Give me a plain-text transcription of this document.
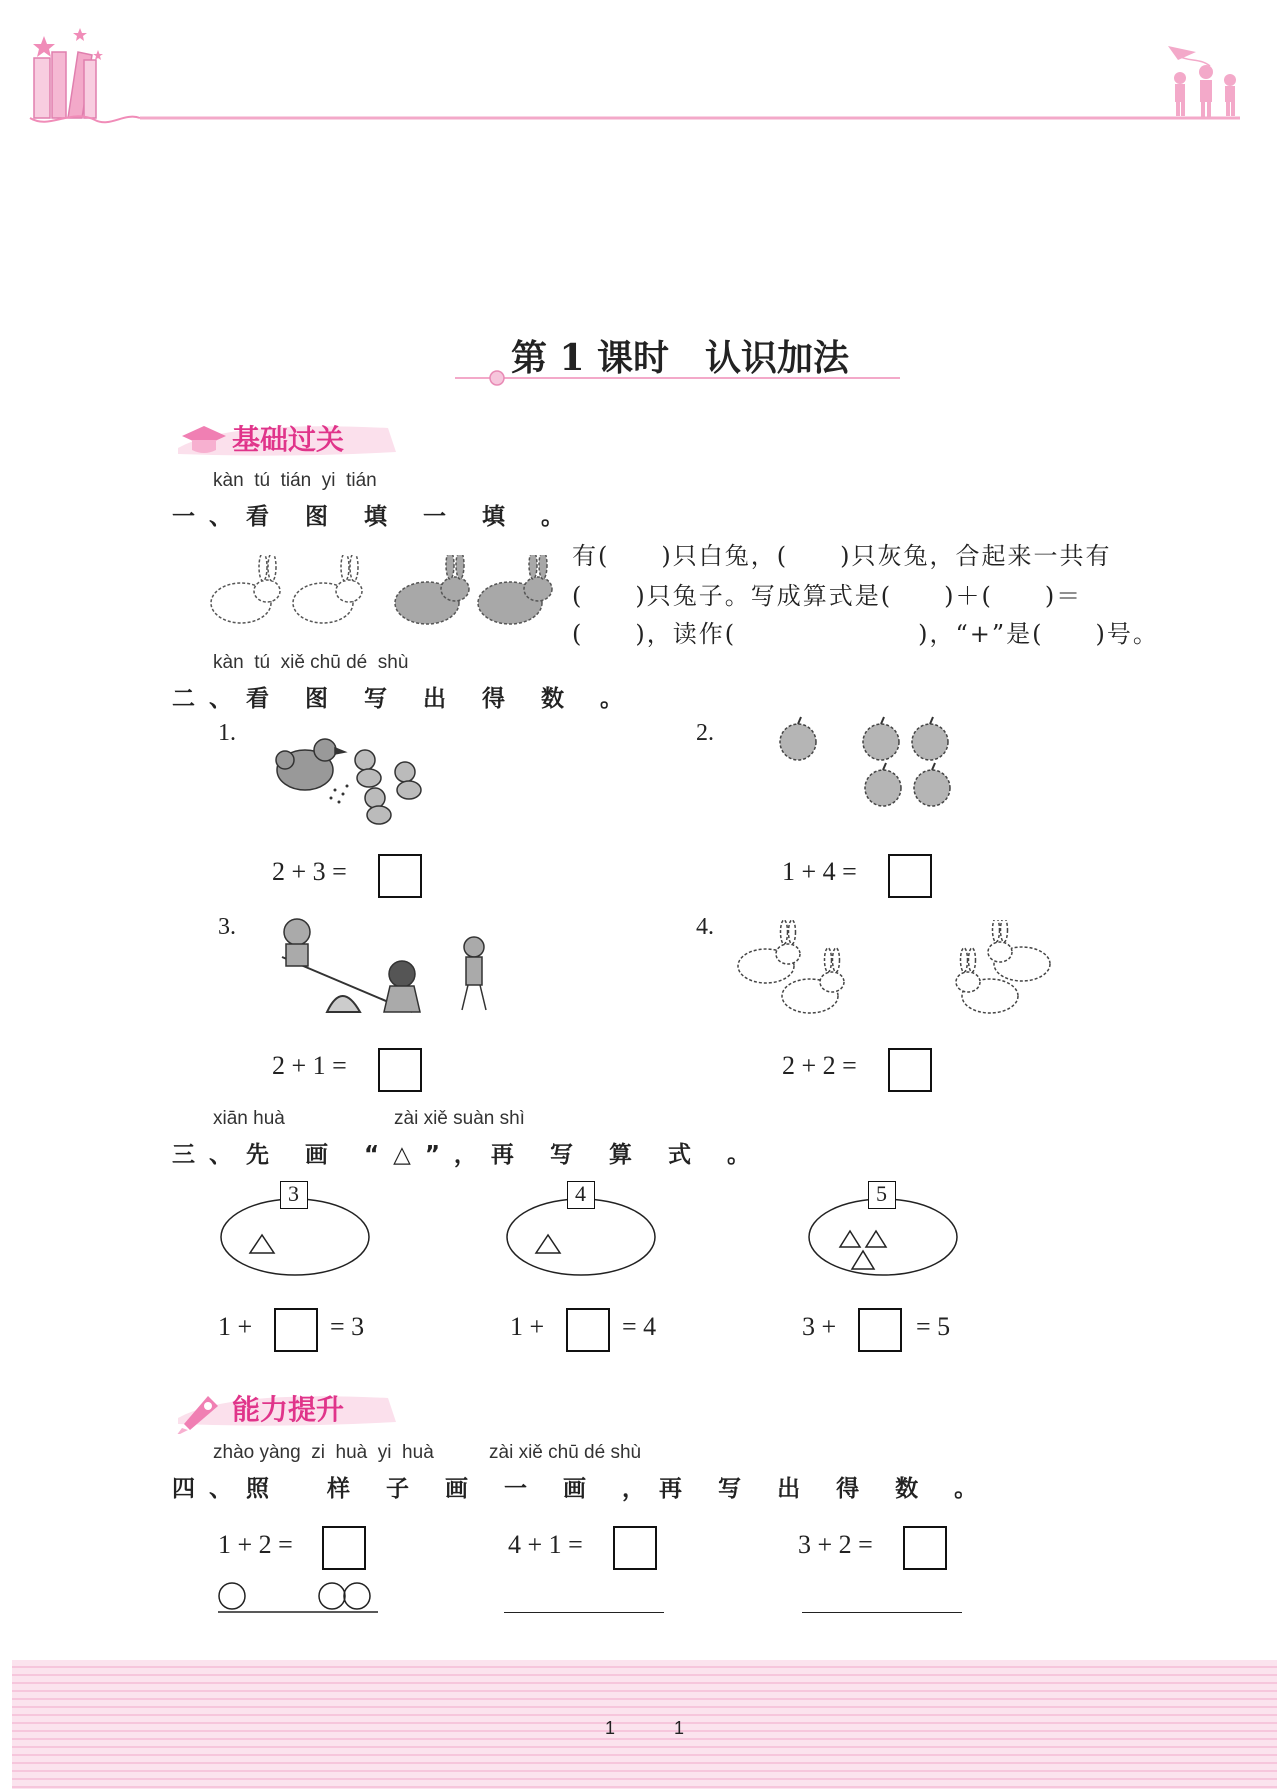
第 1 课时　认识加法
基础过关
kàn  tú  tián  yi  tián
一、看 图 填 一 填 。
有(　　)只白兔，(　　)只灰兔，合起来一共有
(　　)只兔子。写成算式是(　　)＋(　　)＝
(　　)，读作(　　　　　　　)，“+”是(　　)号。
kàn  tú  xiě chū dé  shù
二、看 图 写 出 得 数 。
1.
2 + 3 =
2.
1 + 4 =
3.
2 + 1 =
4.
2 + 2 =
xiān huà	zài xiě suàn shì
三、先 画 “△”，再 写 算 式 。
3
1 +	= 3
4
1 +	= 4
5
3 +	= 5
能力提升
zhào yàng  zi  huà  yi  huà	zài xiě chū dé shù
四、照  样 子 画 一 画 ，再 写 出 得 数 。
1 + 2 =	4 + 1 =	3 + 2 =
1	1
